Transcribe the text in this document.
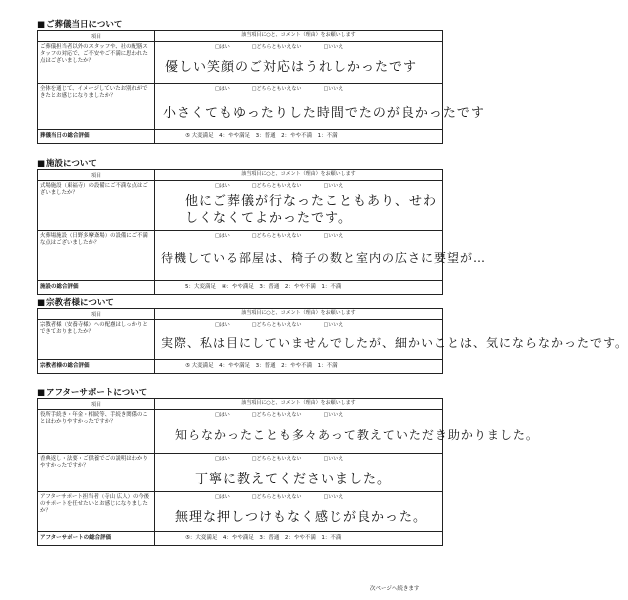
■ ご葬儀当日について
項目	該当項目に○と、コメント（理由）をお願いします
ご葬儀担当者以外のスタッフや、社の配膳スタッフの対応で、ご不安やご不満に思われた点はございましたか？
□はい	□どちらともいえない	□いいえ
優しい笑顔のご対応はうれしかったです
全体を通じて、イメージしていたお別れができたとお感じになりましたか？
□はい	□どちらともいえない	□いいえ
小さくてもゆったりした時間でたのが良かったです
葬儀当日の総合評価	⑤ 大変満足　4：やや満足　3：普通　2：やや不満　1：不満
■ 施設について
項目	該当項目に○と、コメント（理由）をお願いします
式場施設（東福寺）の設備にご不満な点はございましたか？
□はい	□どちらともいえない	□いいえ
他にご葬儀が行なったこともあり、せわしくなくてよかったです。
火葬場施設（日野多摩斎場）の設備にご不満な点はございましたか？
□はい	□どちらともいえない	□いいえ
待機している部屋は、椅子の数と室内の広さに要望が…
施設の総合評価	5：大変満足　④：やや満足　3：普通　2：やや不満　1：不満
■ 宗教者様について
項目	該当項目に○と、コメント（理由）をお願いします
宗教者様（安養寺様）への配慮はしっかりとできておりましたか？
□はい	□どちらともいえない	□いいえ
実際、私は目にしていませんでしたが、細かいことは、気にならなかったです。
宗教者様の総合評価	⑤ 大変満足　4：やや満足　3：普通　2：やや不満　1：不満
■ アフターサポートについて
項目	該当項目に○と、コメント（理由）をお願いします
役所手続き・年金・相続等、手続き関係のことはわかりやすかったですか？
□はい	□どちらともいえない	□いいえ
知らなかったことも多々あって教えていただき助かりました。
香典返し・法要・ご供養でごの説明はわかりやすかったですか？
□はい	□どちらともいえない	□いいえ
丁寧に教えてくださいました。
アフターサポート担当者（寺山 広人）の今後のサポートを任せたいとお感じになりましたか？
□はい	□どちらともいえない	□いいえ
無理な押しつけもなく感じが良かった。
アフターサポートの総合評価	⑤：大変満足　4：やや満足　3：普通　2：やや不満　1：不満
次ページへ続きます
